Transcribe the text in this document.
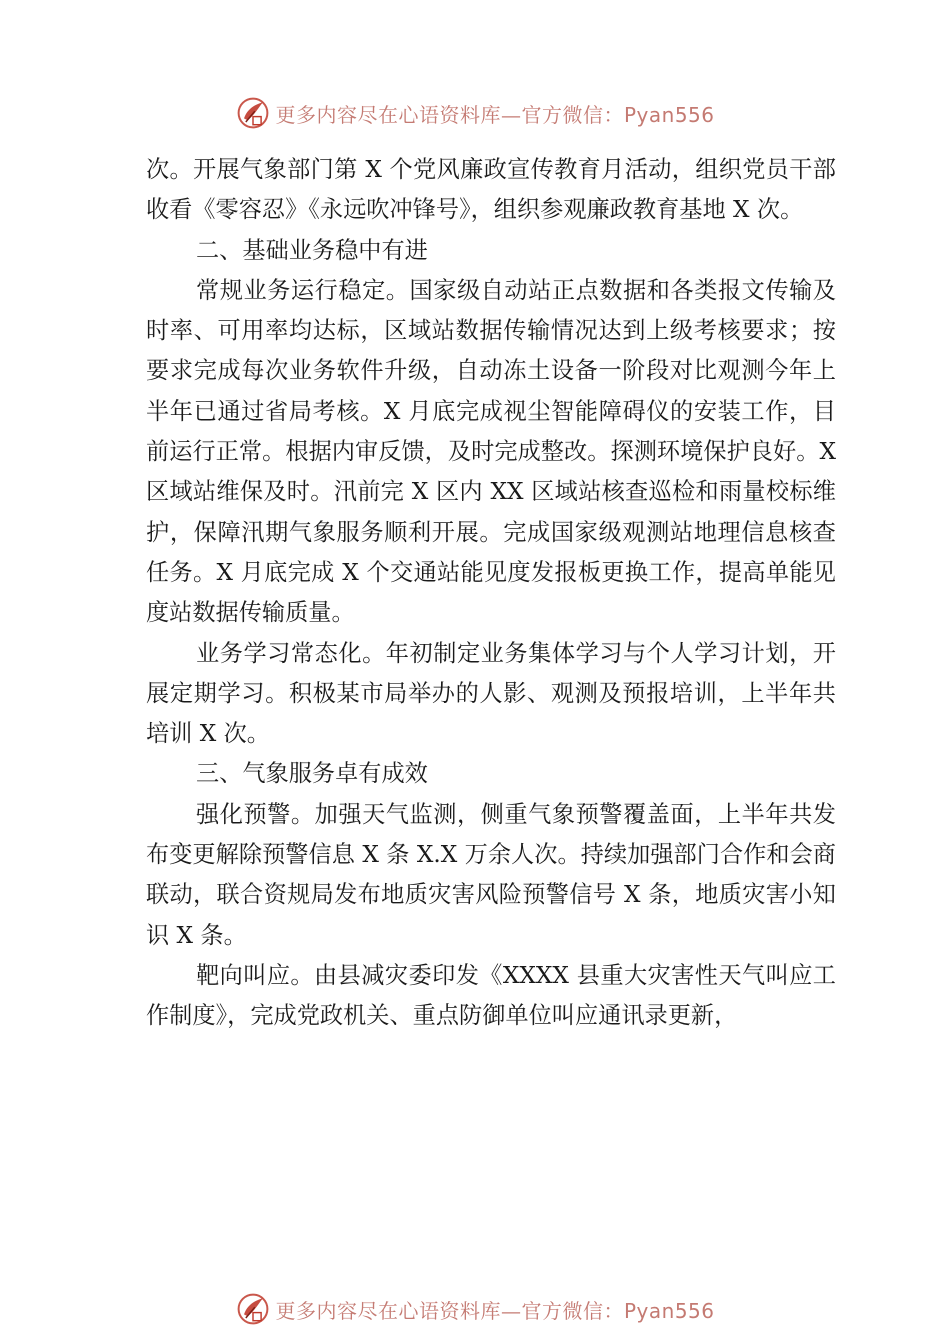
更多内容尽在心语资料库—官方微信：Pyan556

次。开展气象部门第 X 个党风廉政宣传教育月活动，组织党员干部收看《零容忍》《永远吹冲锋号》，组织参观廉政教育基地 X 次。

二、基础业务稳中有进

常规业务运行稳定。国家级自动站正点数据和各类报文传输及时率、可用率均达标，区域站数据传输情况达到上级考核要求；按要求完成每次业务软件升级，自动冻土设备一阶段对比观测今年上半年已通过省局考核。X 月底完成视尘智能障碍仪的安装工作，目前运行正常。根据内审反馈，及时完成整改。探测环境保护良好。X 区域站维保及时。汛前完 X 区内 XX 区域站核查巡检和雨量校标维护，保障汛期气象服务顺利开展。完成国家级观测站地理信息核查任务。X 月底完成 X 个交通站能见度发报板更换工作，提高单能见度站数据传输质量。

业务学习常态化。年初制定业务集体学习与个人学习计划，开展定期学习。积极某市局举办的人影、观测及预报培训，上半年共培训 X 次。

三、气象服务卓有成效

强化预警。加强天气监测，侧重气象预警覆盖面，上半年共发布变更解除预警信息 X 条 X.X 万余人次。持续加强部门合作和会商联动，联合资规局发布地质灾害风险预警信号 X 条，地质灾害小知识 X 条。

靶向叫应。由县减灾委印发《XXXX 县重大灾害性天气叫应工作制度》，完成党政机关、重点防御单位叫应通讯录更新，

更多内容尽在心语资料库—官方微信：Pyan556
